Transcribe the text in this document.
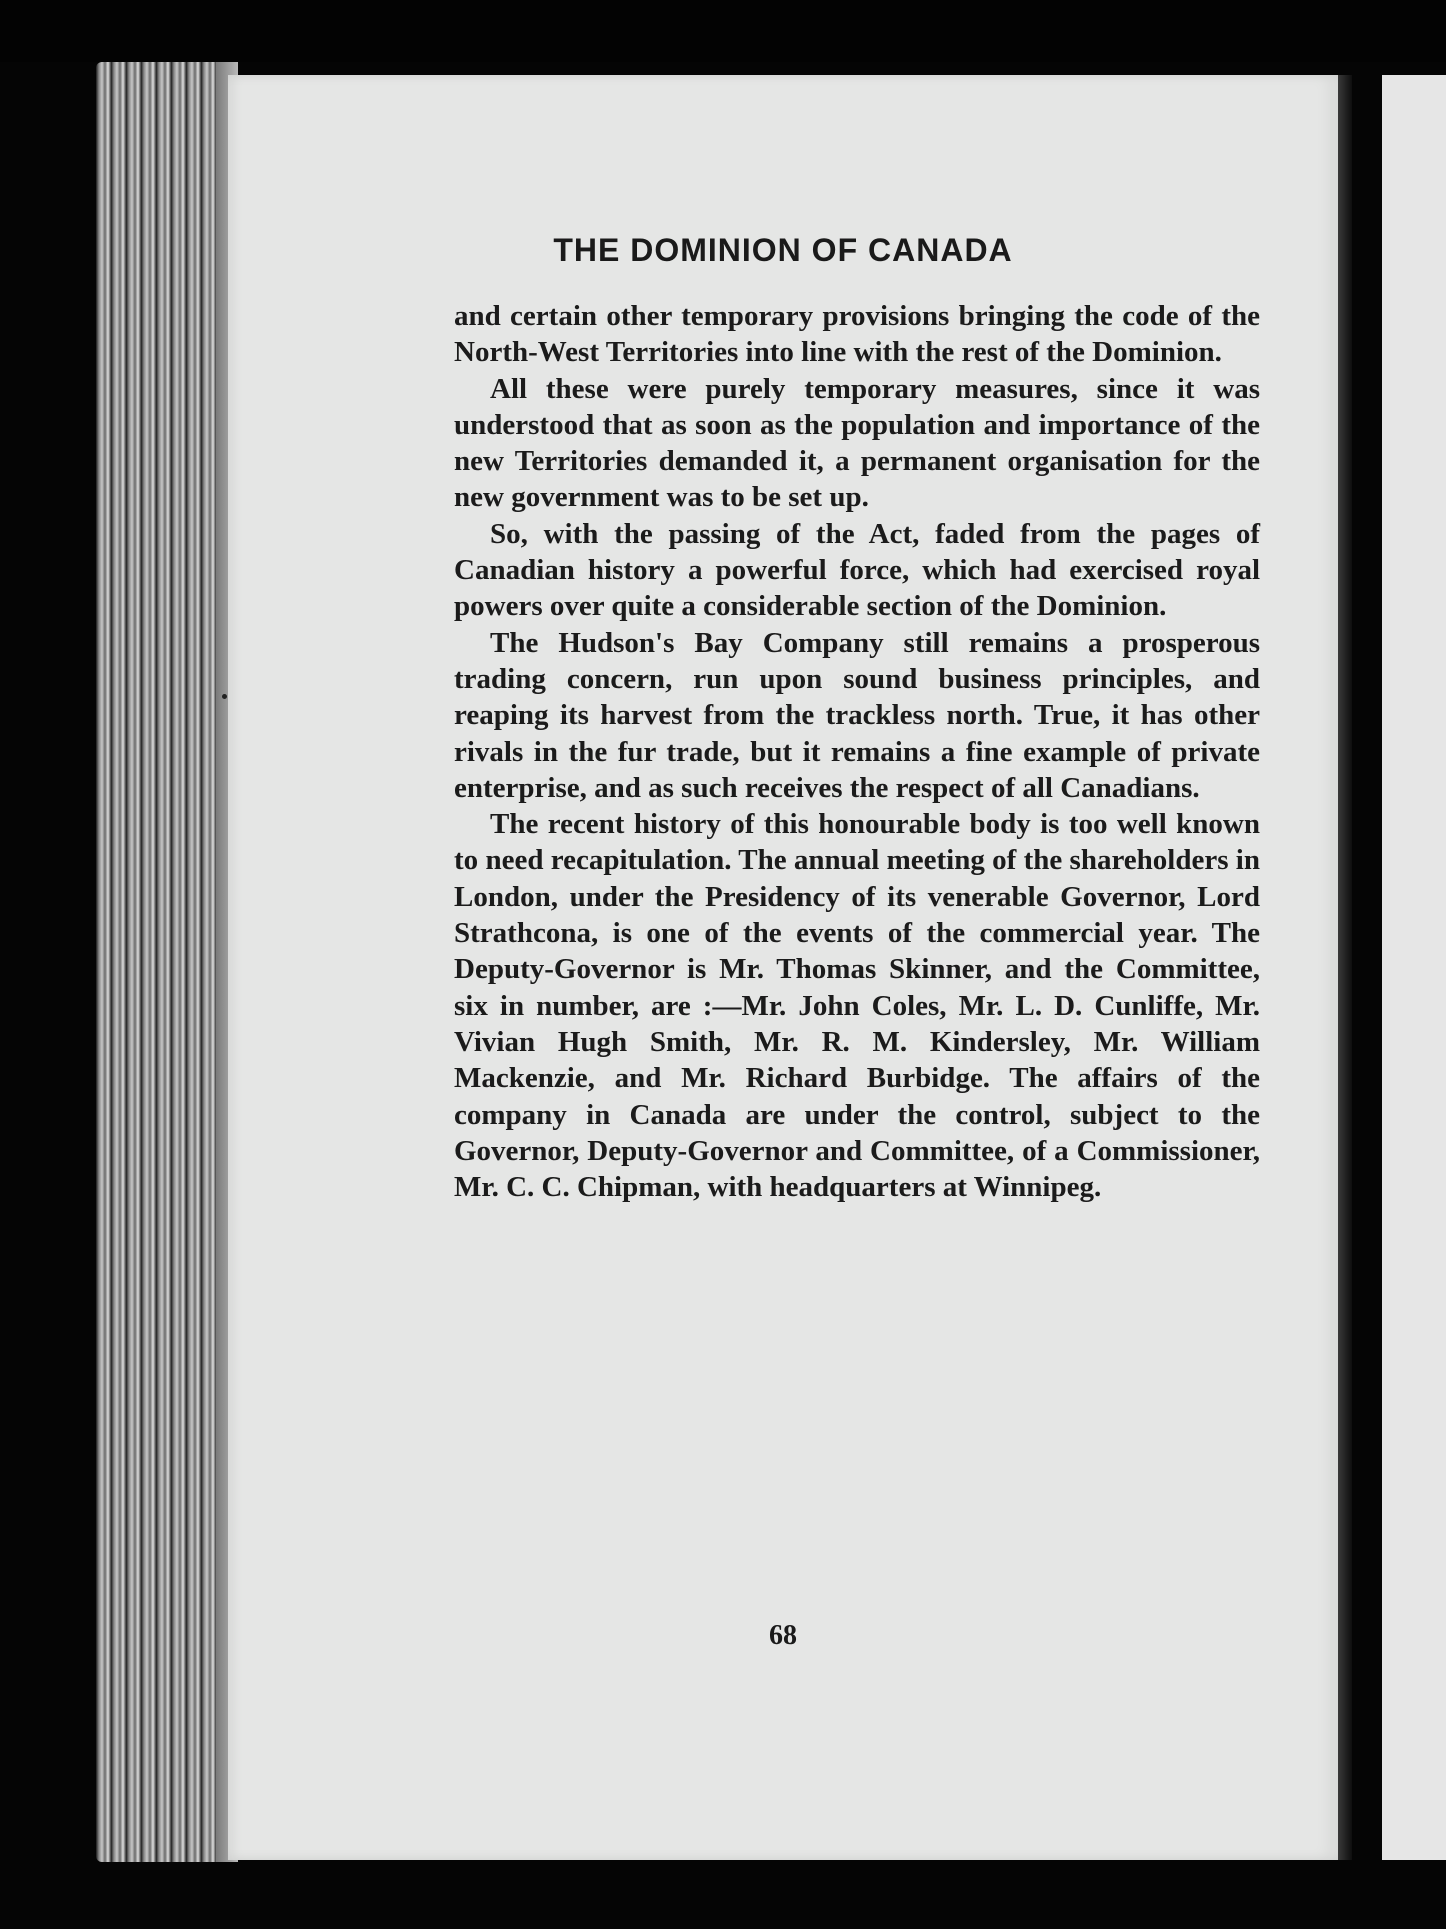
THE DOMINION OF CANADA

and certain other temporary provisions bringing the code of the North-West Territories into line with the rest of the Dominion.

All these were purely temporary measures, since it was understood that as soon as the population and importance of the new Territories demanded it, a permanent organisation for the new government was to be set up.

So, with the passing of the Act, faded from the pages of Canadian history a powerful force, which had exercised royal powers over quite a considerable section of the Dominion.

The Hudson's Bay Company still remains a prosperous trading concern, run upon sound business principles, and reaping its harvest from the trackless north. True, it has other rivals in the fur trade, but it remains a fine example of private enterprise, and as such receives the respect of all Canadians.

The recent history of this honourable body is too well known to need recapitulation. The annual meeting of the shareholders in London, under the Presidency of its venerable Governor, Lord Strathcona, is one of the events of the commercial year. The Deputy-Governor is Mr. Thomas Skinner, and the Committee, six in number, are :—Mr. John Coles, Mr. L. D. Cunliffe, Mr. Vivian Hugh Smith, Mr. R. M. Kindersley, Mr. William Mackenzie, and Mr. Richard Burbidge. The affairs of the company in Canada are under the control, subject to the Governor, Deputy-Governor and Committee, of a Commissioner, Mr. C. C. Chipman, with headquarters at Winnipeg.

68
